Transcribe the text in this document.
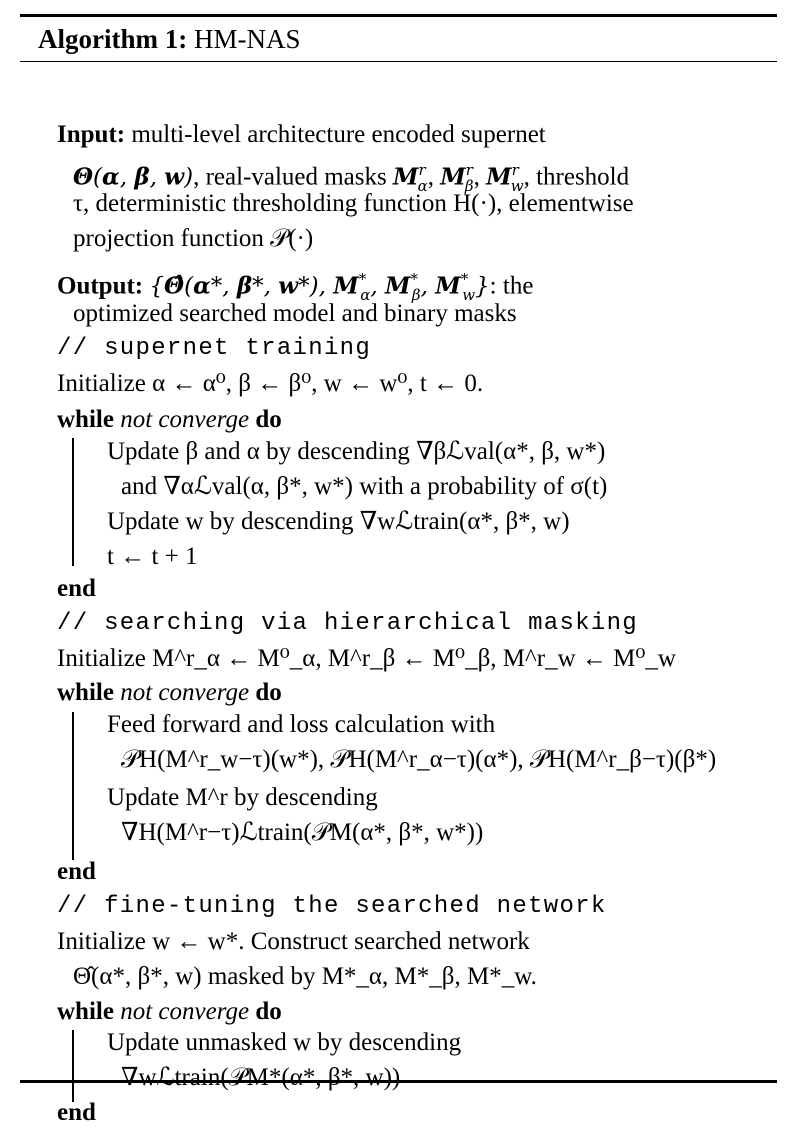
Algorithm 1: HM-NAS
Input: multi-level architecture encoded supernet
Θ(α, β, w), real-valued masks $M^r_\alpha$, $M^r_\beta$, $M^r_w$, threshold
τ, deterministic thresholding function H(·), elementwise
projection function 𝒫(·)
Output: {Θ̂(α*, β*, w*), $M^*_\alpha$, $M^*_\beta$, $M^*_w$}: the
optimized searched model and binary masks
// supernet training
Initialize α ← α⁰, β ← β⁰, w ← w⁰, t ← 0.
while not converge do
Update β and α by descending ∇βℒval(α*, β, w*)
and ∇αℒval(α, β*, w*) with a probability of σ(t)
Update w by descending ∇wℒtrain(α*, β*, w)
t ← t + 1
end
// searching via hierarchical masking
Initialize M^r_α ← M⁰_α, M^r_β ← M⁰_β, M^r_w ← M⁰_w
while not converge do
Feed forward and loss calculation with
𝒫H(M^r_w−τ)(w*), 𝒫H(M^r_α−τ)(α*), 𝒫H(M^r_β−τ)(β*)
Update M^r by descending
∇H(M^r−τ)ℒtrain(𝒫M(α*, β*, w*))
end
// fine-tuning the searched network
Initialize w ← w*. Construct searched network
Θ̂(α*, β*, w) masked by M*_α, M*_β, M*_w.
while not converge do
Update unmasked w by descending
∇wℒtrain(𝒫M*(α*, β*, w))
end
